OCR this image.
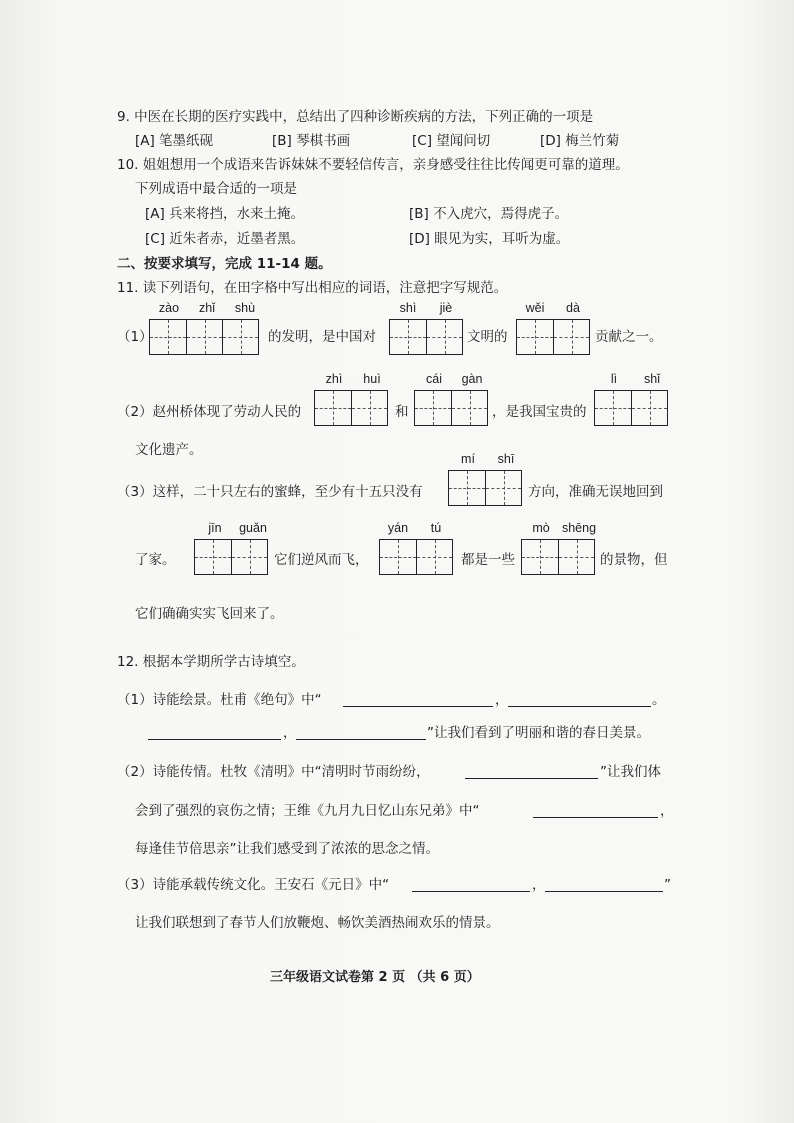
9. 中医在长期的医疗实践中，总结出了四种诊断疾病的方法，下列正确的一项是
[A] 笔墨纸砚	[B] 琴棋书画	[C] 望闻问切	[D] 梅兰竹菊
10. 姐姐想用一个成语来告诉妹妹不要轻信传言，亲身感受往往比传闻更可靠的道理。
下列成语中最合适的一项是
[A] 兵来将挡，水来土掩。	[B] 不入虎穴，焉得虎子。
[C] 近朱者赤，近墨者黑。	[D] 眼见为实，耳听为虚。
二、按要求填写，完成 11-14 题。
11. 读下列语句，在田字格中写出相应的词语，注意把字写规范。
zào	zhǐ	shù
（1）	的发明，是中国对
shì	jiè
文明的
wěi	dà
贡献之一。
（2）赵州桥体现了劳动人民的
zhì	huì
和
cái	gàn
，是我国宝贵的
lì	shǐ
文化遗产。
mí	shī
（3）这样，二十只左右的蜜蜂，至少有十五只没有	方向，准确无误地回到
了家。
jīn	guǎn
它们逆风而飞，
yán	tú
都是一些
mò shēng
的景物，但
它们确确实实飞回来了。
12. 根据本学期所学古诗填空。
（1）诗能绘景。杜甫《绝句》中“	，	。
，	”让我们看到了明丽和谐的春日美景。
（2）诗能传情。杜牧《清明》中“清明时节雨纷纷，	”让我们体
会到了强烈的哀伤之情；王维《九月九日忆山东兄弟》中“	，
每逢佳节倍思亲”让我们感受到了浓浓的思念之情。
（3）诗能承载传统文化。王安石《元日》中“	，	”
让我们联想到了春节人们放鞭炮、畅饮美酒热闹欢乐的情景。
三年级语文试卷第 2 页 （共 6 页）
